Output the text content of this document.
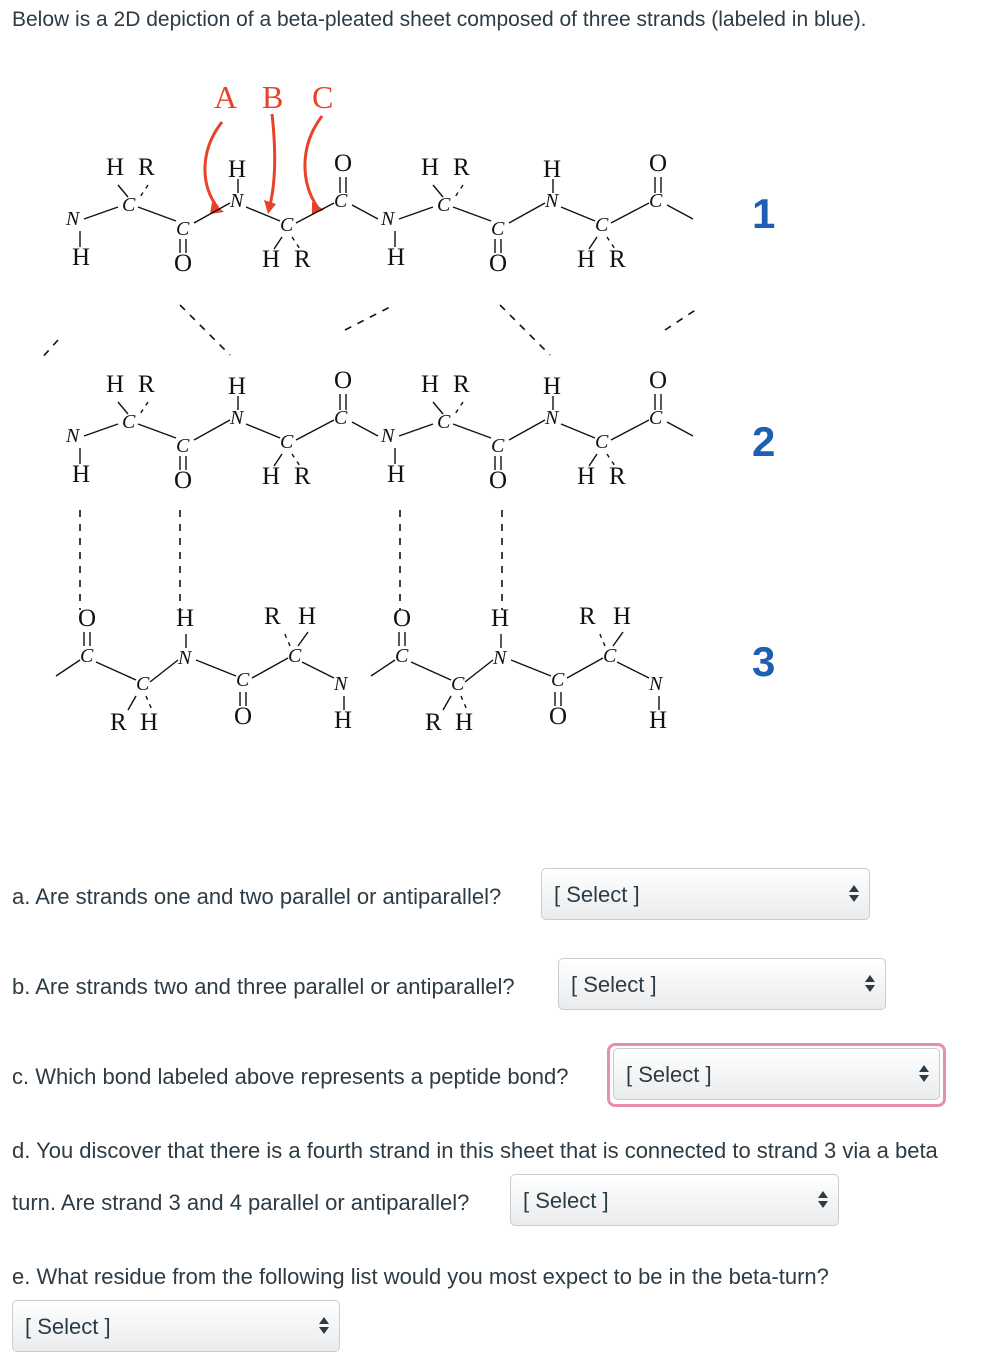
Below is a 2D depiction of a beta-pleated sheet composed of three strands (labeled in blue).
A B C
N
H
C
H R
C
O
N
H
C
H R
C
O
N
H
C
H R
C
O
N
H
C
H R
C
O
N
H
C
H R
C
O
N
H
C
H R
C
O
N
H
C
H R
C
O
N
H
C
H R
C
O
C
O
C
R H
N
H
C
O
C
R H
N
H
C
O
C
R H
N
H
C
O
C
R H
N
H
1
2
3
a. Are strands one and two parallel or antiparallel? [ Select ]
b. Are strands two and three parallel or antiparallel?	[ Select ]
c. Which bond labeled above represents a peptide bond?	[ Select ]
d. You discover that there is a fourth strand in this sheet that is connected to strand 3 via a beta
turn. Are strand 3 and 4 parallel or antiparallel? [ Select ]
e. What residue from the following list would you most expect to be in the beta-turn?
[ Select ]
